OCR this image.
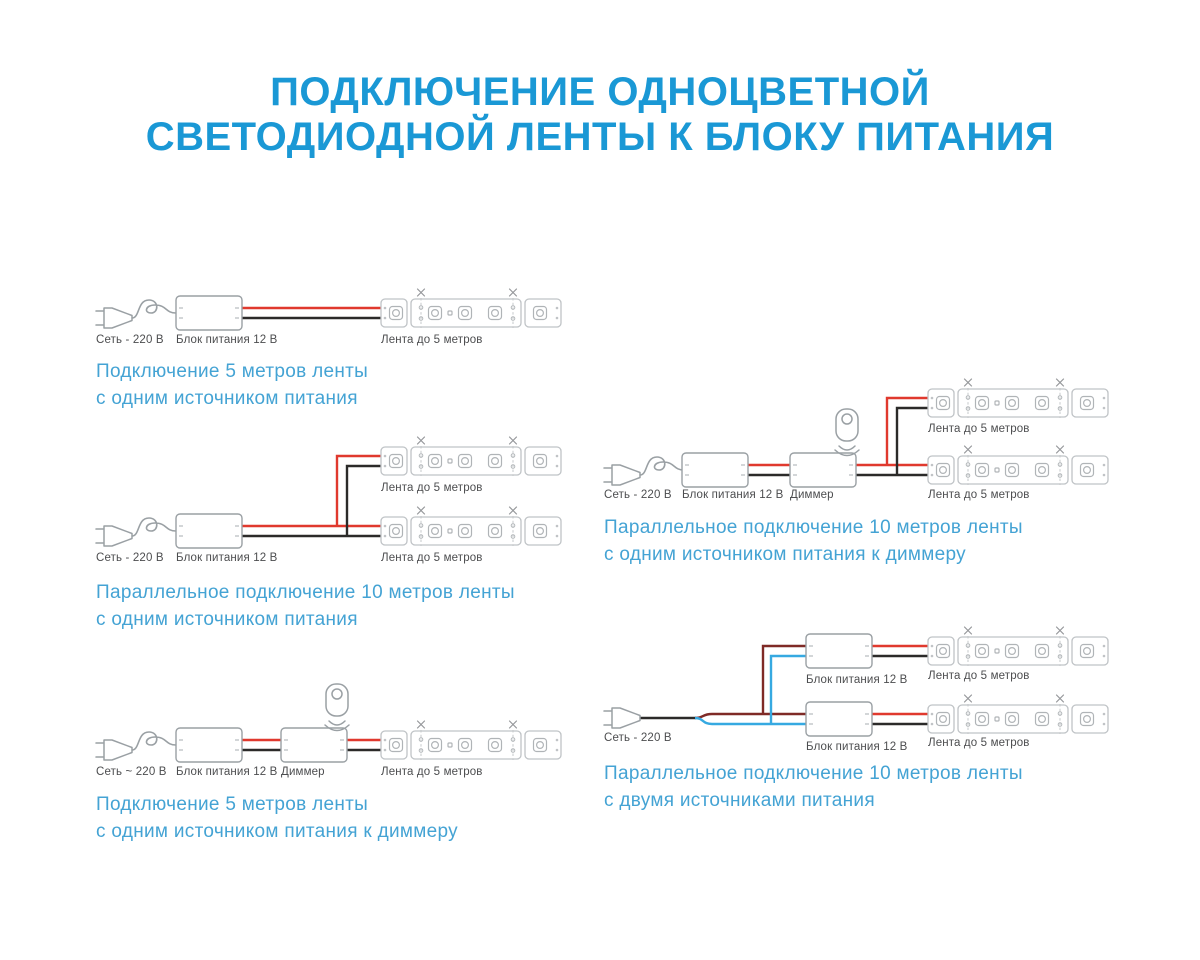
ПОДКЛЮЧЕНИЕ ОДНОЦВЕТНОЙ
СВЕТОДИОДНОЙ ЛЕНТЫ К БЛОКУ ПИТАНИЯ
Сеть - 220 В Блок питания 12 В	Лента до 5 метров
Подключение 5 метров ленты
с одним источником питания
Лента до 5 метров
Сеть - 220 В Блок питания 12 В	Лента до 5 метров
Параллельное подключение 10 метров ленты
с одним источником питания
Сеть ~ 220 В Блок питания 12 В Диммер	Лента до 5 метров
Подключение 5 метров ленты
с одним источником питания к диммеру
Лента до 5 метров
Сеть - 220 В Блок питания 12 В Диммер	Лента до 5 метров
Параллельное подключение 10 метров ленты
с одним источником питания к диммеру
Лента до 5 метров
Блок питания 12 В
Сеть - 220 В	Лента до 5 метров
Блок питания 12 В
Параллельное подключение 10 метров ленты
с двумя источниками питания
